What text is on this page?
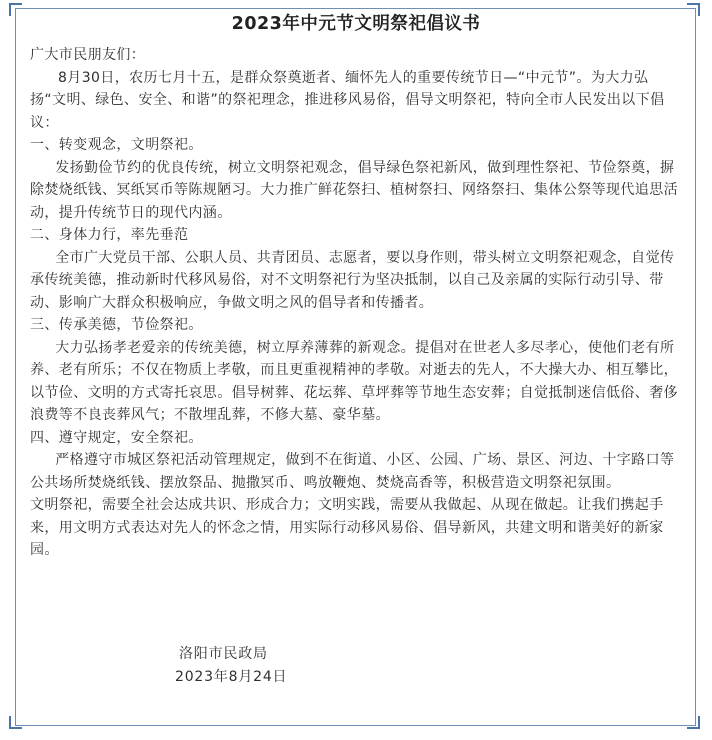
2023年中元节文明祭祀倡议书

广大市民朋友们：

8月30日，农历七月十五，是群众祭奠逝者、缅怀先人的重要传统节日—“中元节”。为大力弘扬“文明、绿色、安全、和谐”的祭祀理念，推进移风易俗，倡导文明祭祀，特向全市人民发出以下倡议：

一、转变观念，文明祭祀。

发扬勤俭节约的优良传统，树立文明祭祀观念，倡导绿色祭祀新风，做到理性祭祀、节俭祭奠，摒除焚烧纸钱、冥纸冥币等陈规陋习。大力推广鲜花祭扫、植树祭扫、网络祭扫、集体公祭等现代追思活动，提升传统节日的现代内涵。

二、身体力行，率先垂范

全市广大党员干部、公职人员、共青团员、志愿者，要以身作则，带头树立文明祭祀观念，自觉传承传统美德，推动新时代移风易俗，对不文明祭祀行为坚决抵制，以自己及亲属的实际行动引导、带动、影响广大群众积极响应，争做文明之风的倡导者和传播者。

三、传承美德，节俭祭祀。

大力弘扬孝老爱亲的传统美德，树立厚养薄葬的新观念。提倡对在世老人多尽孝心，使他们老有所养、老有所乐；不仅在物质上孝敬，而且更重视精神的孝敬。对逝去的先人，不大操大办、相互攀比，以节俭、文明的方式寄托哀思。倡导树葬、花坛葬、草坪葬等节地生态安葬；自觉抵制迷信低俗、奢侈浪费等不良丧葬风气；不散埋乱葬，不修大墓、豪华墓。

四、遵守规定，安全祭祀。

严格遵守市城区祭祀活动管理规定，做到不在街道、小区、公园、广场、景区、河边、十字路口等公共场所焚烧纸钱、摆放祭品、抛撒冥币、鸣放鞭炮、焚烧高香等，积极营造文明祭祀氛围。

文明祭祀，需要全社会达成共识、形成合力；文明实践，需要从我做起、从现在做起。让我们携起手来，用文明方式表达对先人的怀念之情，用实际行动移风易俗、倡导新风，共建文明和谐美好的新家园。

洛阳市民政局
2023年8月24日
